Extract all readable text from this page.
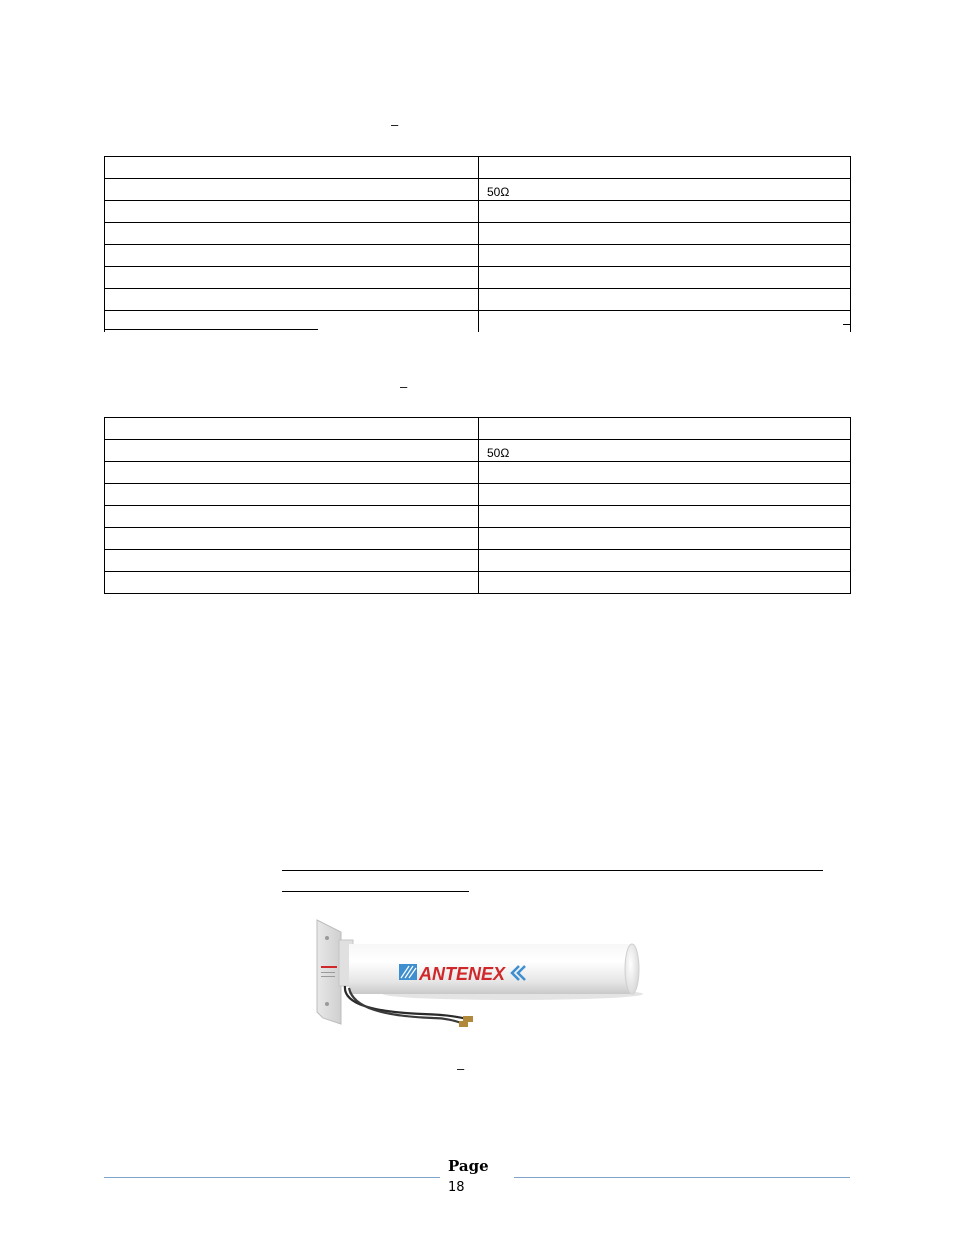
–

	50Ω

–

	50Ω

ANTENEX
–
Page
18
